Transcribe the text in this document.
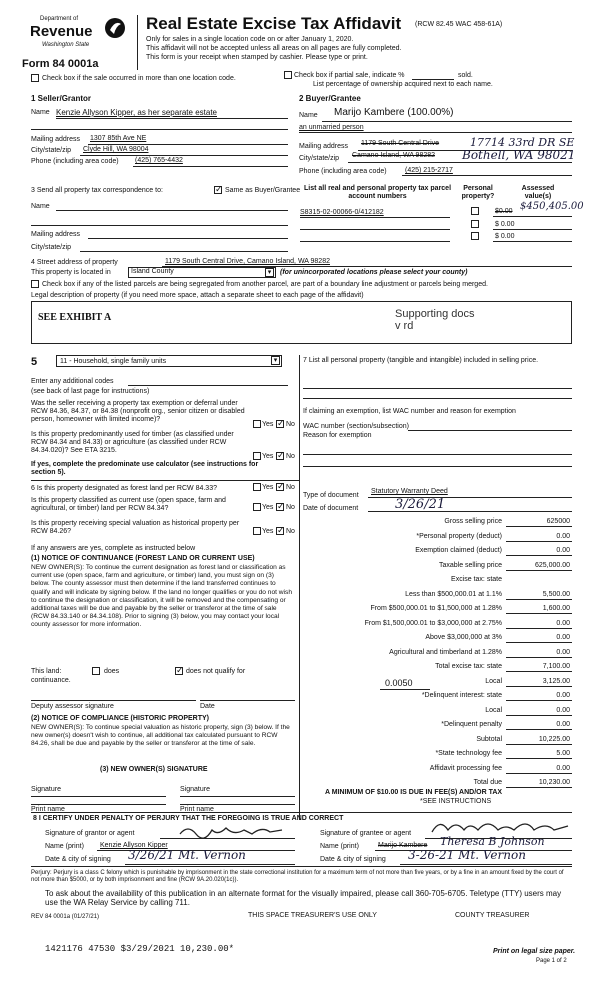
Department of
Revenue
Washington State
Form 84 0001a
Real Estate Excise Tax Affidavit (RCW 82.45 WAC 458-61A)
Only for sales in a single location code on or after January 1, 2020.
This affidavit will not be accepted unless all areas on all pages are fully completed.
This form is your receipt when stamped by cashier. Please type or print.
Check box if the sale occurred in more than one location code.	Check box if partial sale, indicate %	sold.
List percentage of ownership acquired next to each name.
1 Seller/Grantor
Name Kenzie Allyson Kipper, as her separate estate
Mailing address 1307 85th Ave NE
City/state/zip Clyde Hill, WA 98004
Phone (including area code) (425) 765-4432
2 Buyer/Grantee
Name Marijo Kambere (100.00%)
an unmarried person
Mailing address 1179 South Central Drive	17714 33rd DR SE
City/state/zip Camano Island, WA 98282 Bothell, WA 98021
Phone (including area code)	(425) 215-2717
3 Send all property tax correspondence to: ✓	Same as Buyer/Grantee
Name
Mailing address
City/state/zip
List all real and personal property tax parcel account numbers
Personal property?
Assessed value(s)
S8315-02-00066-0/412182	$0.00 $450,405.00
$ 0.00
$ 0.00
4 Street address of property	1179 South Central Drive, Camano Island, WA 98282
This property is located in	Island County	▾	(for unincorporated locations please select your county)
Check box if any of the listed parcels are being segregated from another parcel, are part of a boundary line adjustment or parcels being merged.
Legal description of property (if you need more space, attach a separate sheet to each page of the affidavit)
SEE EXHIBIT A	Supporting docs v rd
5	11 - Household, single family units	▾
Enter any additional codes
(see back of last page for instructions)
Was the seller receiving a property tax exemption or deferral under RCW 84.36, 84.37, or 84.38 (nonprofit org., senior citizen or disabled person, homeowner with limited income)?
Yes ✓ No
Is this property predominantly used for timber (as classified under RCW 84.34 and 84.33) or agriculture (as classified under RCW 84.34.020)? See ETA 3215.
Yes ✓ No
If yes, complete the predominate use calculator (see instructions for section 5).
6 Is this property designated as forest land per RCW 84.33?	Yes ✓ No
Is this property classified as current use (open space, farm and agricultural, or timber) land per RCW 84.34?	Yes ✓ No
Is this property receiving special valuation as historical property per RCW 84.26?	Yes ✓ No
If any answers are yes, complete as instructed below
(1) NOTICE OF CONTINUANCE (FOREST LAND OR CURRENT USE)
NEW OWNER(S): To continue the current designation as forest land or classification as current use (open space, farm and agriculture, or timber) land, you must sign on (3) below. The county assessor must then determine if the land transferred continues to qualify and will indicate by signing below. If the land no longer qualifies or you do not wish to continue the designation or classification, it will be removed and the compensating or additional taxes will be due and payable by the seller or transferor at the time of sale (RCW 84.33.140 or 84.34.108). Prior to signing (3) below, you may contact your local county assessor for more information.
This land:	does ✓	does not qualify for
continuance.
Deputy assessor signature	Date
(2) NOTICE OF COMPLIANCE (HISTORIC PROPERTY)
NEW OWNER(S): To continue special valuation as historic property, sign (3) below. If the new owner(s) doesn't wish to continue, all additional tax calculated pursuant to RCW 84.26, shall be due and payable by the seller or transferor at the time of sale.
(3) NEW OWNER(S) SIGNATURE
Signature	Signature
Print name	Print name
7 List all personal property (tangible and intangible) included in selling price.
If claiming an exemption, list WAC number and reason for exemption
WAC number (section/subsection)
Reason for exemption
Type of document
Statutory Warranty Deed
Date of document	3/26/21
Gross selling price	625000
*Personal property (deduct)	0.00
Exemption claimed (deduct)	0.00
Taxable selling price	625,000.00
Excise tax: state
Less than $500,000.01 at 1.1%	5,500.00
From $500,000.01 to $1,500,000 at 1.28%	1,600.00
From $1,500,000.01 to $3,000,000 at 2.75%	0.00
Above $3,000,000 at 3%	0.00
Agricultural and timberland at 1.28%	0.00
Total excise tax: state	7,100.00
Local	3,125.00
*Delinquent interest: state	0.00
Local	0.00
*Delinquent penalty	0.00
Subtotal	10,225.00
*State technology fee	5.00
Affidavit processing fee	0.00
Total due	10,230.00
0.0050
A MINIMUM OF $10.00 IS DUE IN FEE(S) AND/OR TAX
*SEE INSTRUCTIONS
8 I CERTIFY UNDER PENALTY OF PERJURY THAT THE FOREGOING IS TRUE AND CORRECT
Signature of grantor or agent
Name (print) Kenzie Allyson Kipper
Date & city of signing 3/26/21 Mt. Vernon
Signature of grantee or agent
Name (print)	Marijo Kambere Theresa B Johnson
Date & city of signing 3-26-21 Mt. Vernon
Perjury: Perjury is a class C felony which is punishable by imprisonment in the state correctional institution for a maximum term of not more than five years, or by a fine in an amount fixed by the court of not more than $5000, or by both imprisonment and fine (RCW 9A.20.020(1c)).
To ask about the availability of this publication in an alternate format for the visually impaired, please call 360-705-6705. Teletype (TTY) users may use the WA Relay Service by calling 711.
REV 84 0001a (01/27/21)	THIS SPACE TREASURER'S USE ONLY	COUNTY TREASURER
1421176 47530 $3/29/2021 10,230.00*	Print on legal size paper.
Page 1 of 2
